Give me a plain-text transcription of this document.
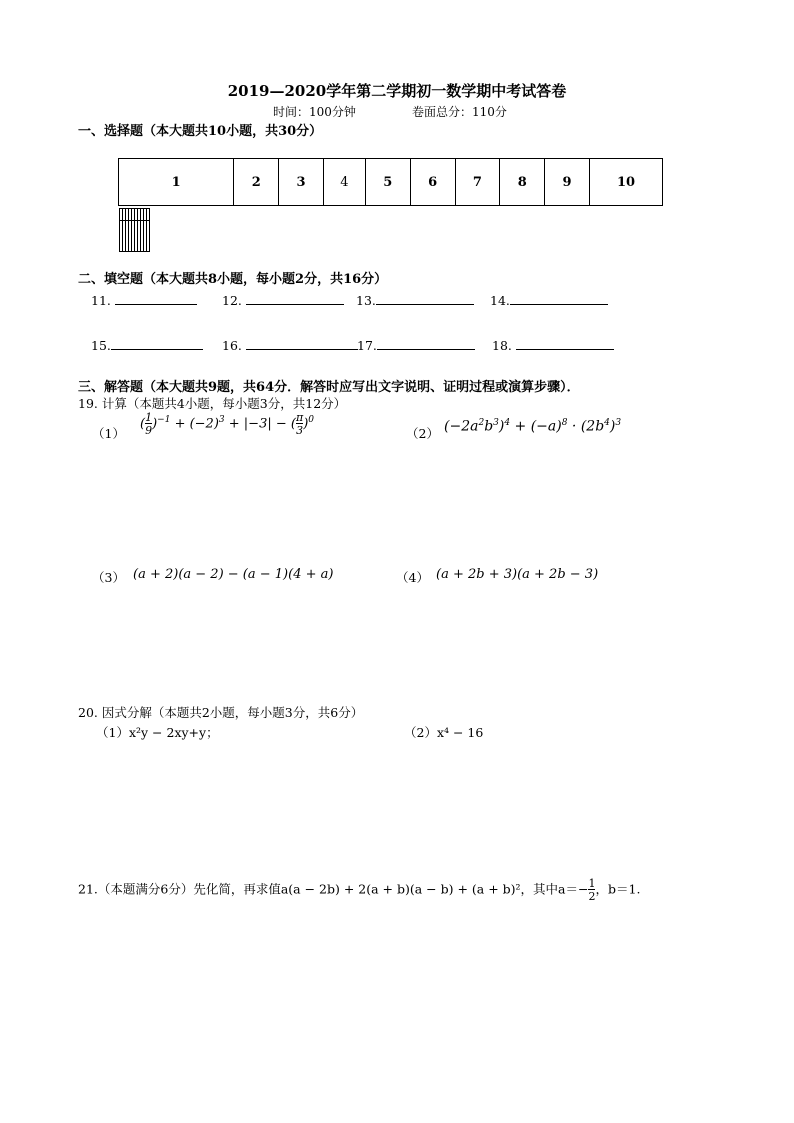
2019—2020学年第二学期初一数学期中考试答卷
时间：100分钟	卷面总分：110分
一、选择题（本大题共10小题，共30分）
1	2	3	4	5	6	7	8	9	10

二、填空题（本大题共8小题，每小题2分，共16分）
11.	12.	13.	14.
15.	16.	17.	18.
三、解答题（本大题共9题，共64分．解答时应写出文字说明、证明过程或演算步骤）．
19. 计算（本题共4小题，每小题3分，共12分）
（1）
( $\frac{1}{9} )^{-1} + (-2)^3 + |-3|$ − ( $\frac{\pi}{3} )^0$
（2） $(-2a^2b^3)^4 + (-a)^8 \cdot (2b^4)^3$
（3） (a + 2)(a − 2) − (a − 1)(4 + a)	（4） (a + 2b + 3)(a + 2b − 3)
20. 因式分解（本题共2小题，每小题3分，共6分）
（1）x²y − 2xy+y；	（2）x⁴ − 16
21.（本题满分6分）先化简，再求值a(a − 2b) + 2(a + b)(a − b) + (a + b)²，其中$a=- \frac{1}{2}$ ，b＝1.
